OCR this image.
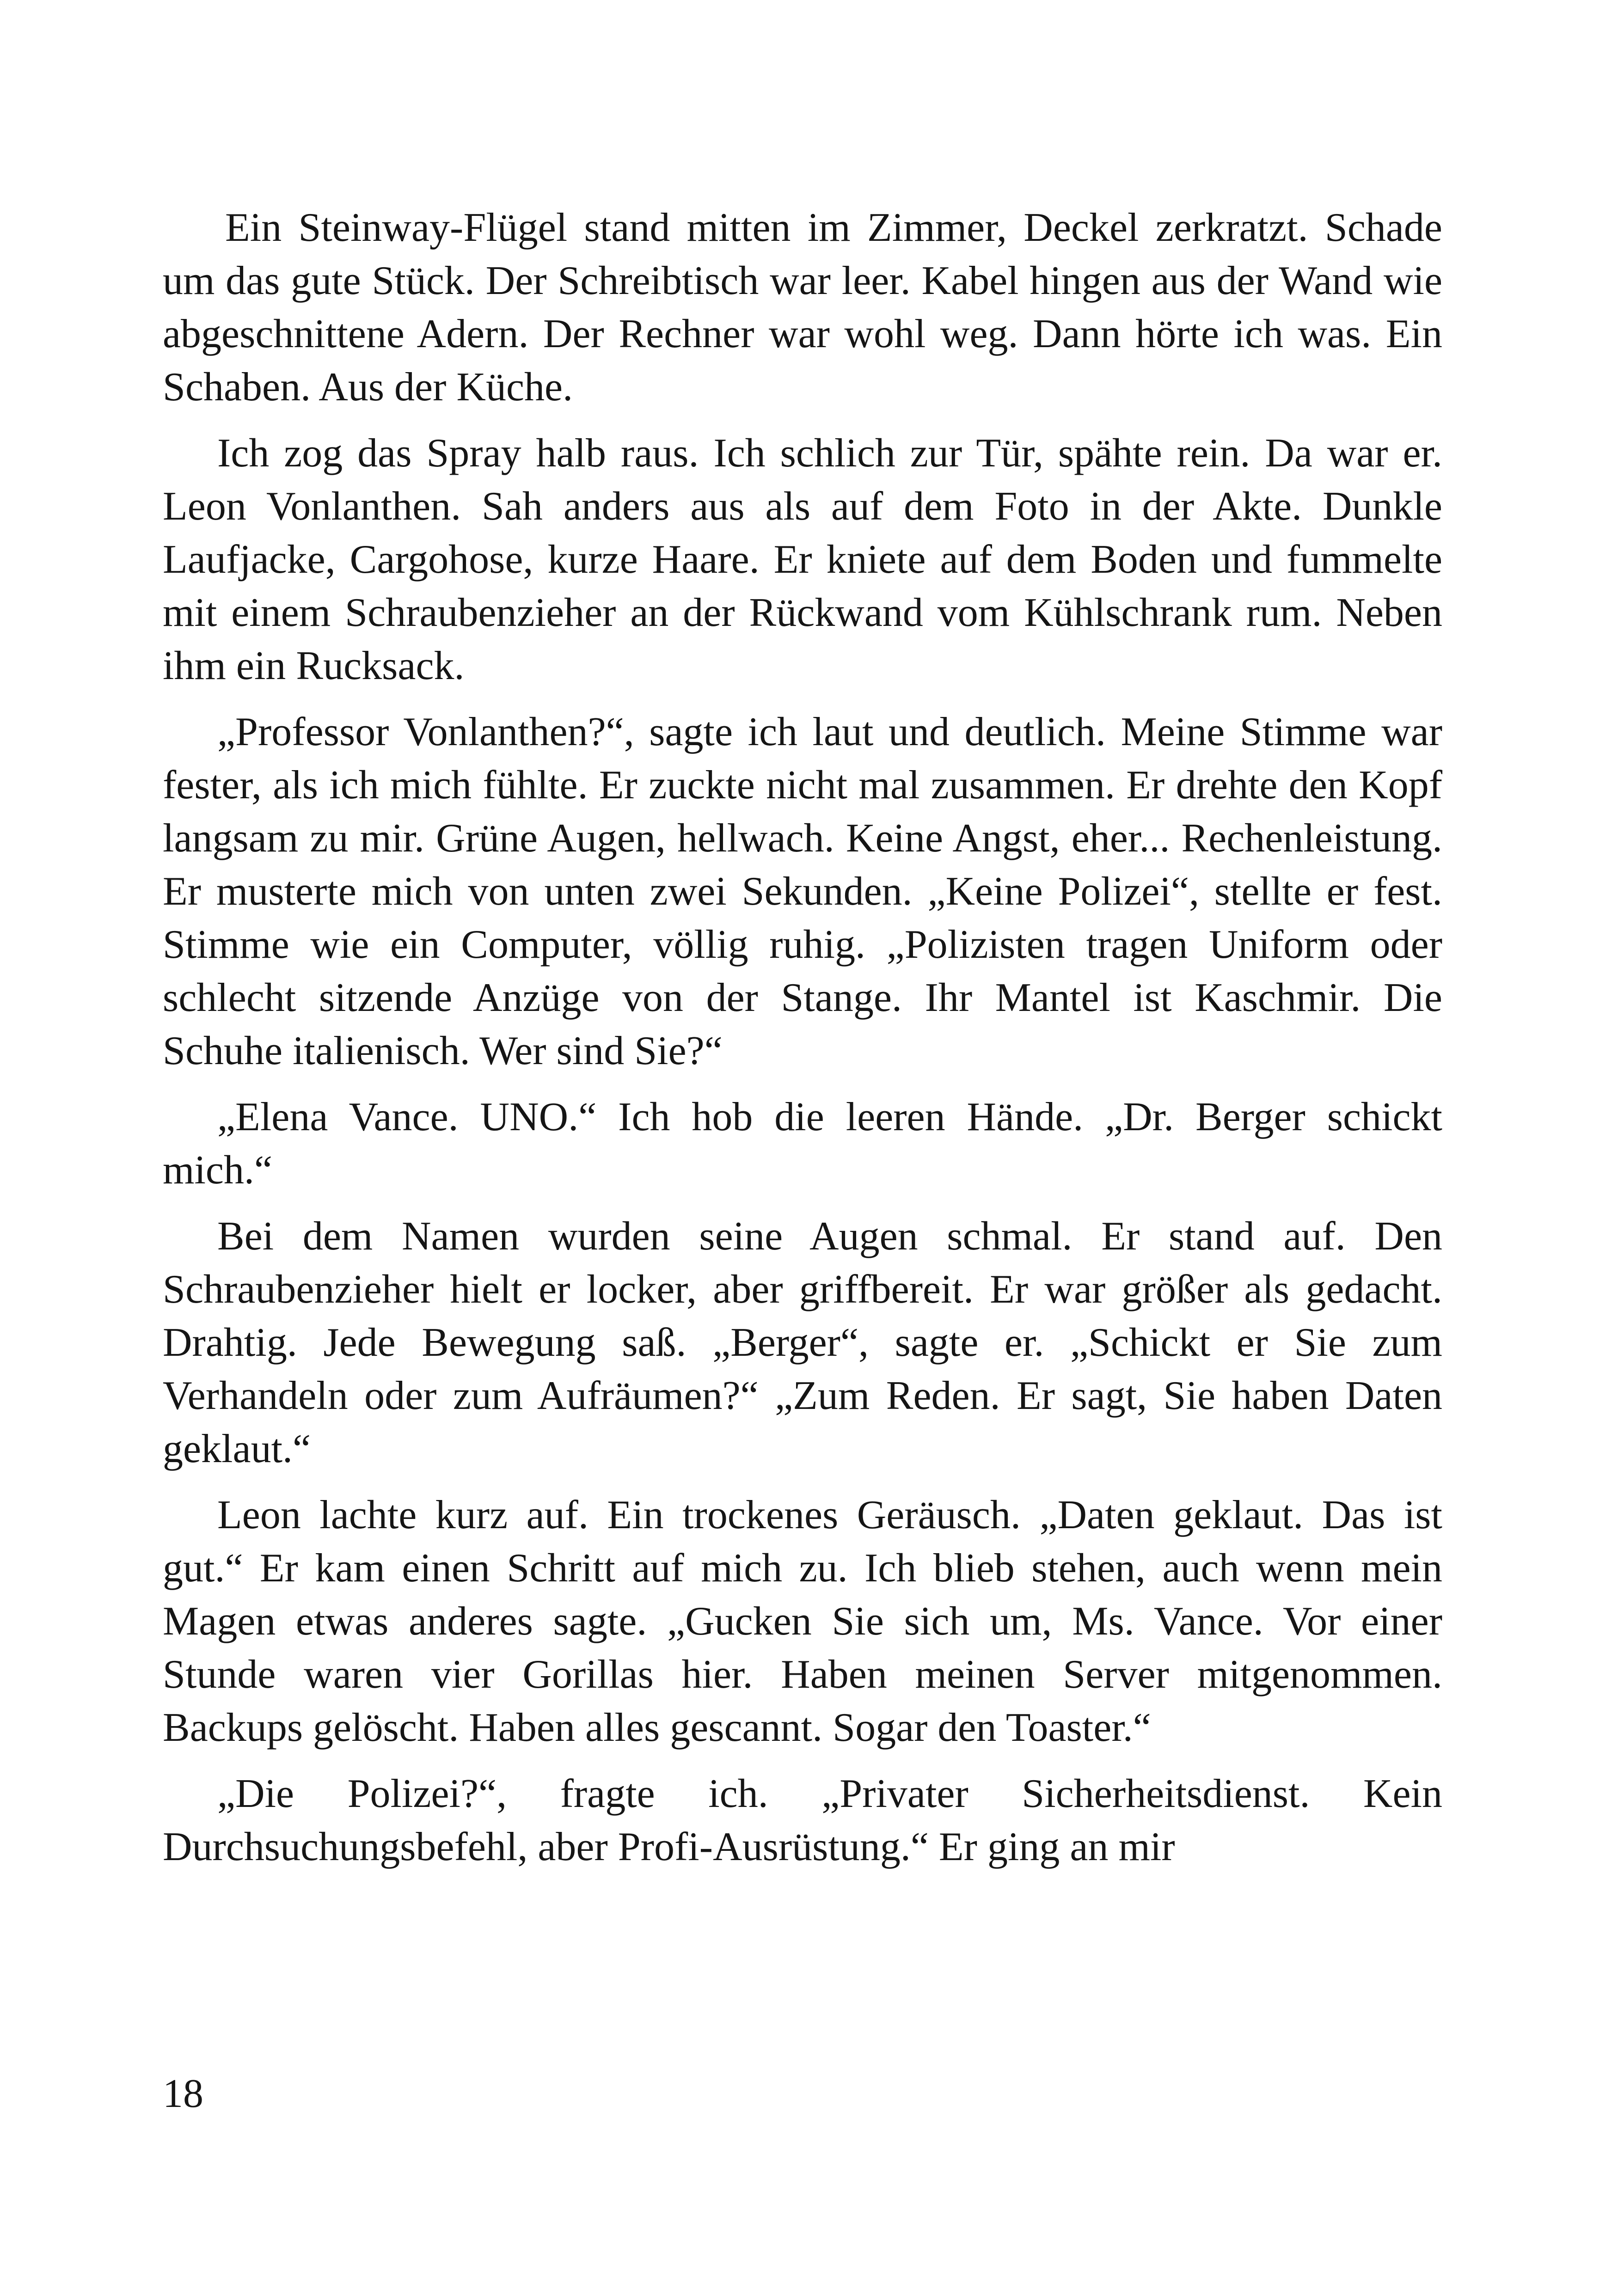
Ein Steinway-Flügel stand mitten im Zimmer, Deckel zerkratzt. Schade um das gute Stück. Der Schreibtisch war leer. Kabel hingen aus der Wand wie abgeschnittene Adern. Der Rechner war wohl weg. Dann hörte ich was. Ein Schaben. Aus der Küche.

Ich zog das Spray halb raus. Ich schlich zur Tür, spähte rein. Da war er. Leon Vonlanthen. Sah anders aus als auf dem Foto in der Akte. Dunkle Laufjacke, Cargohose, kurze Haare. Er kniete auf dem Boden und fummelte mit einem Schraubenzieher an der Rückwand vom Kühlschrank rum. Neben ihm ein Rucksack.

„Professor Vonlanthen?“, sagte ich laut und deutlich. Meine Stimme war fester, als ich mich fühlte. Er zuckte nicht mal zusammen. Er drehte den Kopf langsam zu mir. Grüne Augen, hellwach. Keine Angst, eher... Rechenleistung. Er musterte mich von unten zwei Sekunden. „Keine Polizei“, stellte er fest. Stimme wie ein Computer, völlig ruhig. „Polizisten tragen Uniform oder schlecht sitzende Anzüge von der Stange. Ihr Mantel ist Kaschmir. Die Schuhe italienisch. Wer sind Sie?“

„Elena Vance. UNO.“ Ich hob die leeren Hände. „Dr. Berger schickt mich.“

Bei dem Namen wurden seine Augen schmal. Er stand auf. Den Schraubenzieher hielt er locker, aber griffbereit. Er war größer als gedacht. Drahtig. Jede Bewegung saß. „Berger“, sagte er. „Schickt er Sie zum Verhandeln oder zum Aufräumen?“ „Zum Reden. Er sagt, Sie haben Daten geklaut.“

Leon lachte kurz auf. Ein trockenes Geräusch. „Daten geklaut. Das ist gut.“ Er kam einen Schritt auf mich zu. Ich blieb stehen, auch wenn mein Magen etwas anderes sagte. „Gucken Sie sich um, Ms. Vance. Vor einer Stunde waren vier Gorillas hier. Haben meinen Server mitgenommen. Backups gelöscht. Haben alles gescannt. Sogar den Toaster.“

„Die Polizei?“, fragte ich. „Privater Sicherheitsdienst. Kein Durchsuchungsbefehl, aber Profi-Ausrüstung.“ Er ging an mir

18
